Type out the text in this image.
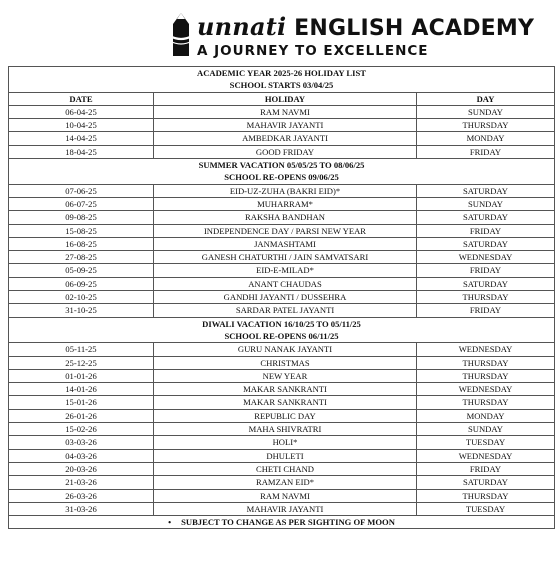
unnati ENGLISH ACADEMY
A JOURNEY TO EXCELLENCE
ACADEMIC YEAR 2025-26 HOLIDAY LIST		
SCHOOL STARTS 03/04/25		
DATE	HOLIDAY	DAY
06-04-25	RAM NAVMI	SUNDAY
10-04-25	MAHAVIR JAYANTI	THURSDAY
14-04-25	AMBEDKAR JAYANTI	MONDAY
18-04-25	GOOD FRIDAY	FRIDAY
SUMMER VACATION 05/05/25 TO 08/06/25		
SCHOOL RE-OPENS 09/06/25		
07-06-25	EID-UZ-ZUHA (BAKRI EID)*	SATURDAY
06-07-25	MUHARRAM*	SUNDAY
09-08-25	RAKSHA BANDHAN	SATURDAY
15-08-25	INDEPENDENCE DAY / PARSI NEW YEAR	FRIDAY
16-08-25	JANMASHTAMI	SATURDAY
27-08-25	GANESH CHATURTHI / JAIN SAMVATSARI	WEDNESDAY
05-09-25	EID-E-MILAD*	FRIDAY
06-09-25	ANANT CHAUDAS	SATURDAY
02-10-25	GANDHI JAYANTI / DUSSEHRA	THURSDAY
31-10-25	SARDAR PATEL JAYANTI	FRIDAY
DIWALI VACATION 16/10/25 TO 05/11/25		
SCHOOL RE-OPENS 06/11/25		
05-11-25	GURU NANAK JAYANTI	WEDNESDAY
25-12-25	CHRISTMAS	THURSDAY
01-01-26	NEW YEAR	THURSDAY
14-01-26	MAKAR SANKRANTI	WEDNESDAY
15-01-26	MAKAR SANKRANTI	THURSDAY
26-01-26	REPUBLIC DAY	MONDAY
15-02-26	MAHA SHIVRATRI	SUNDAY
03-03-26	HOLI*	TUESDAY
04-03-26	DHULETI	WEDNESDAY
20-03-26	CHETI CHAND	FRIDAY
21-03-26	RAMZAN EID*	SATURDAY
26-03-26	RAM NAVMI	THURSDAY
31-03-26	MAHAVIR JAYANTI	TUESDAY
• SUBJECT TO CHANGE AS PER SIGHTING OF MOON		
